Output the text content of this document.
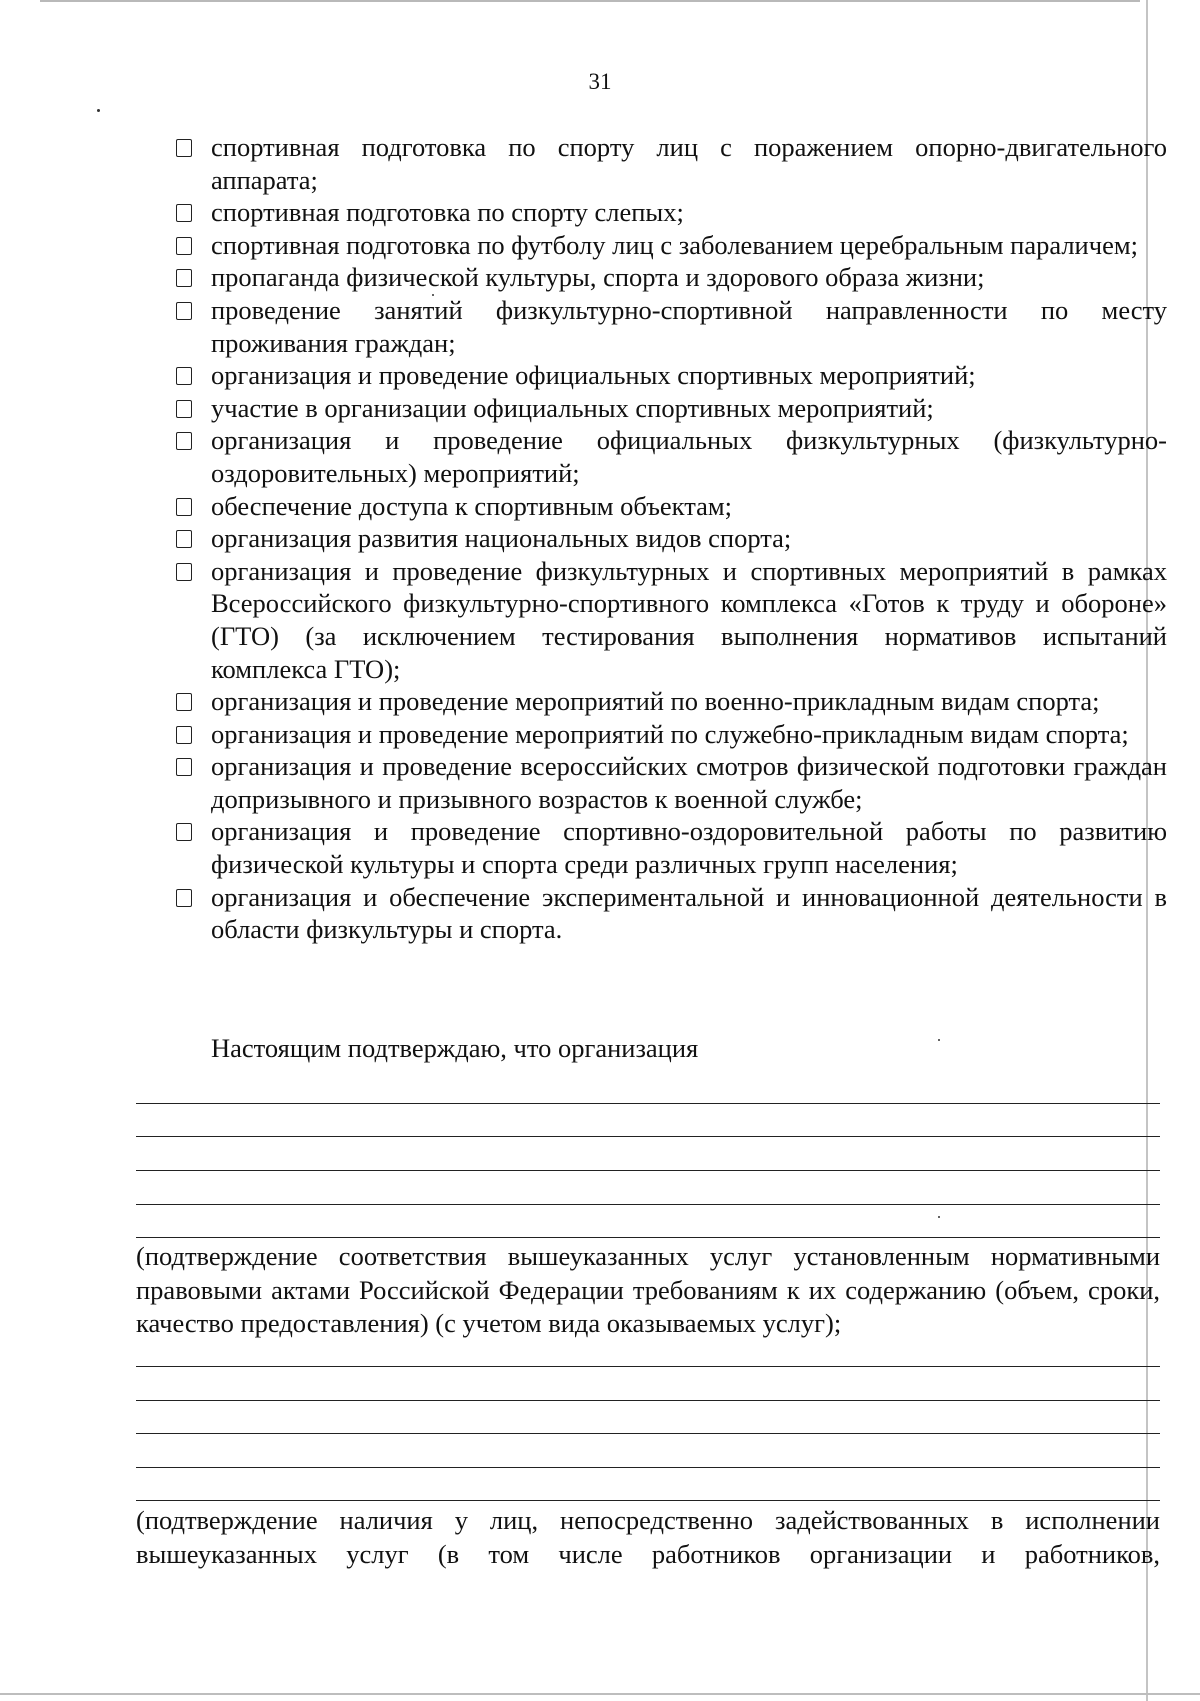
31
спортивная подготовка по спорту лиц с поражением опорно-двигательного аппарата;
спортивная подготовка по спорту слепых;
спортивная подготовка по футболу лиц с заболеванием церебральным параличем;
пропаганда физической культуры, спорта и здорового образа жизни;
проведение занятий физкультурно-спортивной направленности по месту проживания граждан;
организация и проведение официальных спортивных мероприятий;
участие в организации официальных спортивных мероприятий;
организация и проведение официальных физкультурных (физкультурно-оздоровительных) мероприятий;
обеспечение доступа к спортивным объектам;
организация развития национальных видов спорта;
организация и проведение физкультурных и спортивных мероприятий в рамках Всероссийского физкультурно-спортивного комплекса «Готов к труду и обороне» (ГТО) (за исключением тестирования выполнения нормативов испытаний комплекса ГТО);
организация и проведение мероприятий по военно-прикладным видам спорта;
организация и проведение мероприятий по служебно-прикладным видам спорта;
организация и проведение всероссийских смотров физической подготовки граждан допризывного и призывного возрастов к военной службе;
организация и проведение спортивно-оздоровительной работы по развитию физической культуры и спорта среди различных групп населения;
организация и обеспечение экспериментальной и инновационной деятельности в области физкультуры и спорта.
Настоящим подтверждаю, что организация
(подтверждение соответствия вышеуказанных услуг установленным нормативными правовыми актами Российской Федерации требованиям к их содержанию (объем, сроки, качество предоставления) (с учетом вида оказываемых услуг);
(подтверждение наличия у лиц, непосредственно задействованных в исполнении вышеуказанных услуг (в том числе работников организации и работников,
